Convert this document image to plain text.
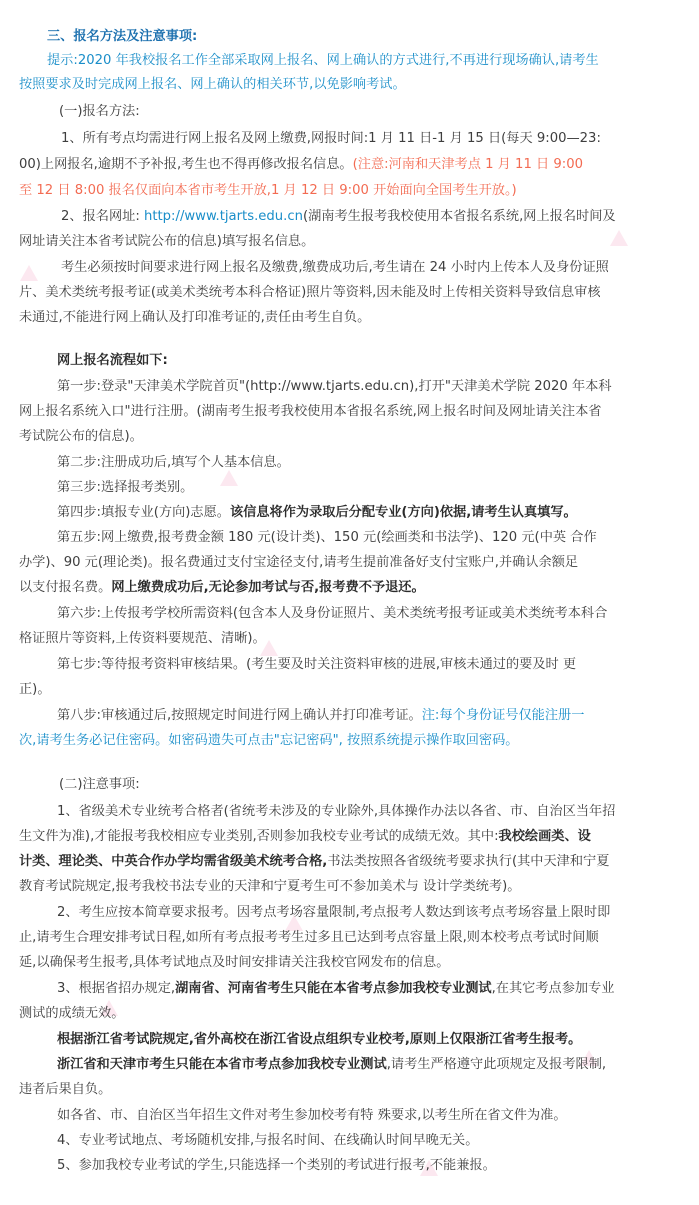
三、报名方法及注意事项:
提示:2020 年我校报名工作全部采取网上报名、网上确认的方式进行,不再进行现场确认,请考生
按照要求及时完成网上报名、网上确认的相关环节,以免影响考试。
(一)报名方法:
1、所有考点均需进行网上报名及网上缴费,网报时间:1 月 11 日-1 月 15 日(每天 9:00—23:
00)上网报名,逾期不予补报,考生也不得再修改报名信息。(注意:河南和天津考点 1 月 11 日 9:00
至 12 日 8:00 报名仅面向本省市考生开放,1 月 12 日 9:00 开始面向全国考生开放。)
2、报名网址: http://www.tjarts.edu.cn(湖南考生报考我校使用本省报名系统,网上报名时间及
网址请关注本省考试院公布的信息)填写报名信息。
考生必须按时间要求进行网上报名及缴费,缴费成功后,考生请在 24 小时内上传本人及身份证照
片、美术类统考报考证(或美术类统考本科合格证)照片等资料,因未能及时上传相关资料导致信息审核
未通过,不能进行网上确认及打印准考证的,责任由考生自负。
网上报名流程如下:
第一步:登录"天津美术学院首页"(http://www.tjarts.edu.cn),打开"天津美术学院 2020 年本科
网上报名系统入口"进行注册。(湖南考生报考我校使用本省报名系统,网上报名时间及网址请关注本省
考试院公布的信息)。
第二步:注册成功后,填写个人基本信息。
第三步:选择报考类别。
第四步:填报专业(方向)志愿。该信息将作为录取后分配专业(方向)依据,请考生认真填写。
第五步:网上缴费,报考费金额 180 元(设计类)、150 元(绘画类和书法学)、120 元(中英 合作
办学)、90 元(理论类)。报名费通过支付宝途径支付,请考生提前准备好支付宝账户,并确认余额足
以支付报名费。网上缴费成功后,无论参加考试与否,报考费不予退还。
第六步:上传报考学校所需资料(包含本人及身份证照片、美术类统考报考证或美术类统考本科合
格证照片等资料,上传资料要规范、清晰)。
第七步:等待报考资料审核结果。(考生要及时关注资料审核的进展,审核未通过的要及时 更
正)。
第八步:审核通过后,按照规定时间进行网上确认并打印准考证。注:每个身份证号仅能注册一
次,请考生务必记住密码。如密码遗失可点击"忘记密码", 按照系统提示操作取回密码。
(二)注意事项:
1、省级美术专业统考合格者(省统考未涉及的专业除外,具体操作办法以各省、市、自治区当年招
生文件为准),才能报考我校相应专业类别,否则参加我校专业考试的成绩无效。其中:我校绘画类、设
计类、理论类、中英合作办学均需省级美术统考合格,书法类按照各省级统考要求执行(其中天津和宁夏
教育考试院规定,报考我校书法专业的天津和宁夏考生可不参加美术与 设计学类统考)。
2、考生应按本简章要求报考。因考点考场容量限制,考点报考人数达到该考点考场容量上限时即
止,请考生合理安排考试日程,如所有考点报考考生过多且已达到考点容量上限,则本校考点考试时间顺
延,以确保考生报考,具体考试地点及时间安排请关注我校官网发布的信息。
3、根据省招办规定,湖南省、河南省考生只能在本省考点参加我校专业测试,在其它考点参加专业
测试的成绩无效。
根据浙江省考试院规定,省外高校在浙江省设点组织专业校考,原则上仅限浙江省考生报考。
浙江省和天津市考生只能在本省市考点参加我校专业测试,请考生严格遵守此项规定及报考限制,
违者后果自负。
如各省、市、自治区当年招生文件对考生参加校考有特 殊要求,以考生所在省文件为准。
4、专业考试地点、考场随机安排,与报名时间、在线确认时间早晚无关。
5、参加我校专业考试的学生,只能选择一个类别的考试进行报考,不能兼报。
